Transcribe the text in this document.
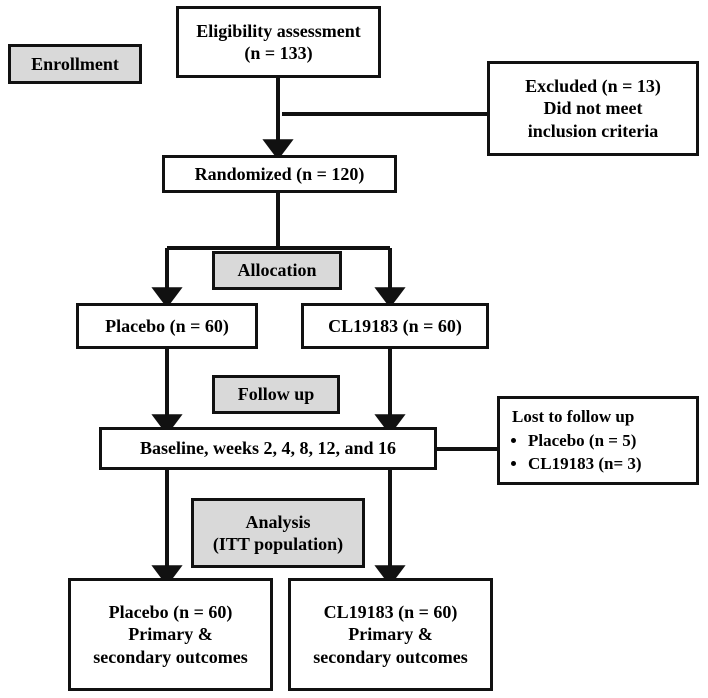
Enrollment
Allocation
Follow up
Analysis
(ITT population)
Eligibility assessment
(n = 133)
Excluded (n = 13)
Did not meet
inclusion criteria
Randomized (n = 120)
Placebo (n = 60)	CL19183 (n = 60)
Baseline, weeks 2, 4, 8, 12, and 16
Lost to follow up
• Placebo (n = 5)
• CL19183 (n= 3)
Placebo (n = 60)
Primary &
secondary outcomes
CL19183 (n = 60)
Primary &
secondary outcomes
